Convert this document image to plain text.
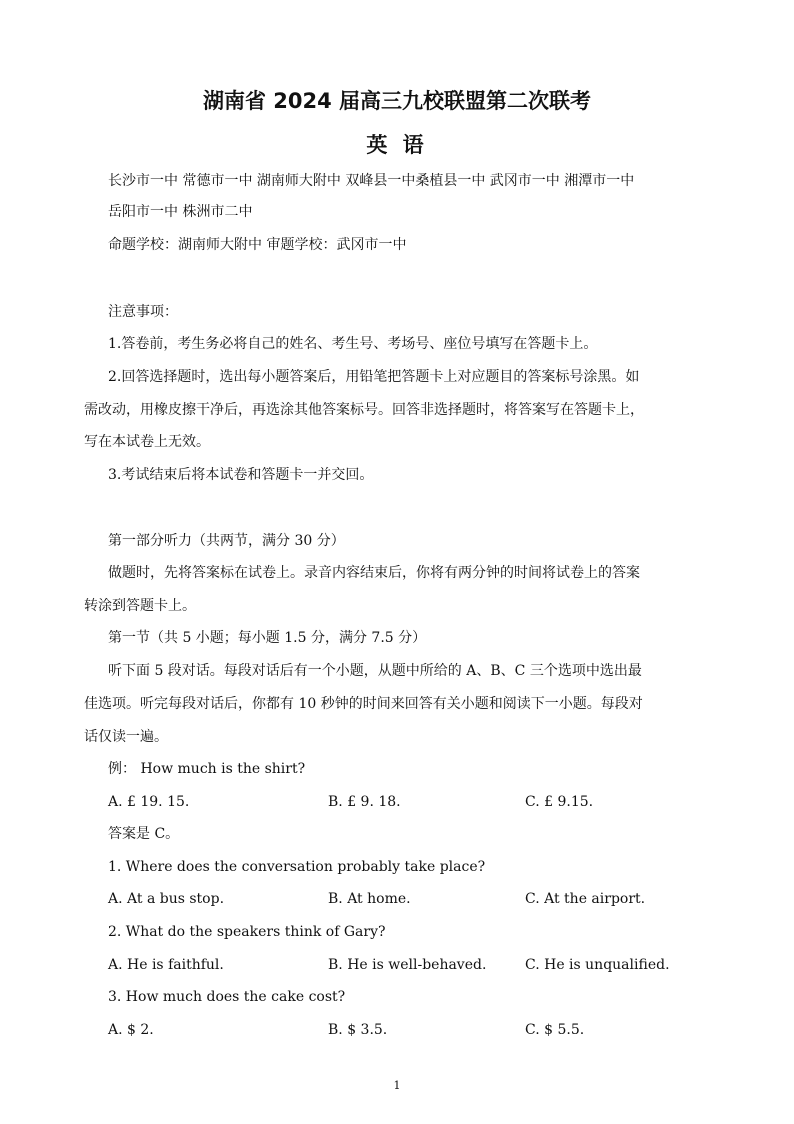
湖南省 2024 届高三九校联盟第二次联考
英 语
长沙市一中 常德市一中 湖南师大附中 双峰县一中桑植县一中 武冈市一中 湘潭市一中
岳阳市一中 株洲市二中
命题学校：湖南师大附中 审题学校：武冈市一中
注意事项：
1.答卷前，考生务必将自己的姓名、考生号、考场号、座位号填写在答题卡上。
2.回答选择题时，选出每小题答案后，用铅笔把答题卡上对应题目的答案标号涂黑。如
需改动，用橡皮擦干净后，再选涂其他答案标号。回答非选择题时，将答案写在答题卡上，
写在本试卷上无效。
3.考试结束后将本试卷和答题卡一并交回。
第一部分听力（共两节，满分 30 分）
做题时，先将答案标在试卷上。录音内容结束后，你将有两分钟的时间将试卷上的答案
转涂到答题卡上。
第一节（共 5 小题；每小题 1.5 分，满分 7.5 分）
听下面 5 段对话。每段对话后有一个小题，从题中所给的 A、B、C 三个选项中选出最
佳选项。听完每段对话后，你都有 10 秒钟的时间来回答有关小题和阅读下一小题。每段对
话仅读一遍。
例： How much is the shirt?
A. £ 19. 15.	B. £ 9. 18.	C. £ 9.15.
答案是 C。
1. Where does the conversation probably take place?
A. At a bus stop.	B. At home.	C. At the airport.
2. What do the speakers think of Gary?
A. He is faithful.	B. He is well-behaved.	C. He is unqualified.
3. How much does the cake cost?
A. $ 2.	B. $ 3.5.	C. $ 5.5.
1
